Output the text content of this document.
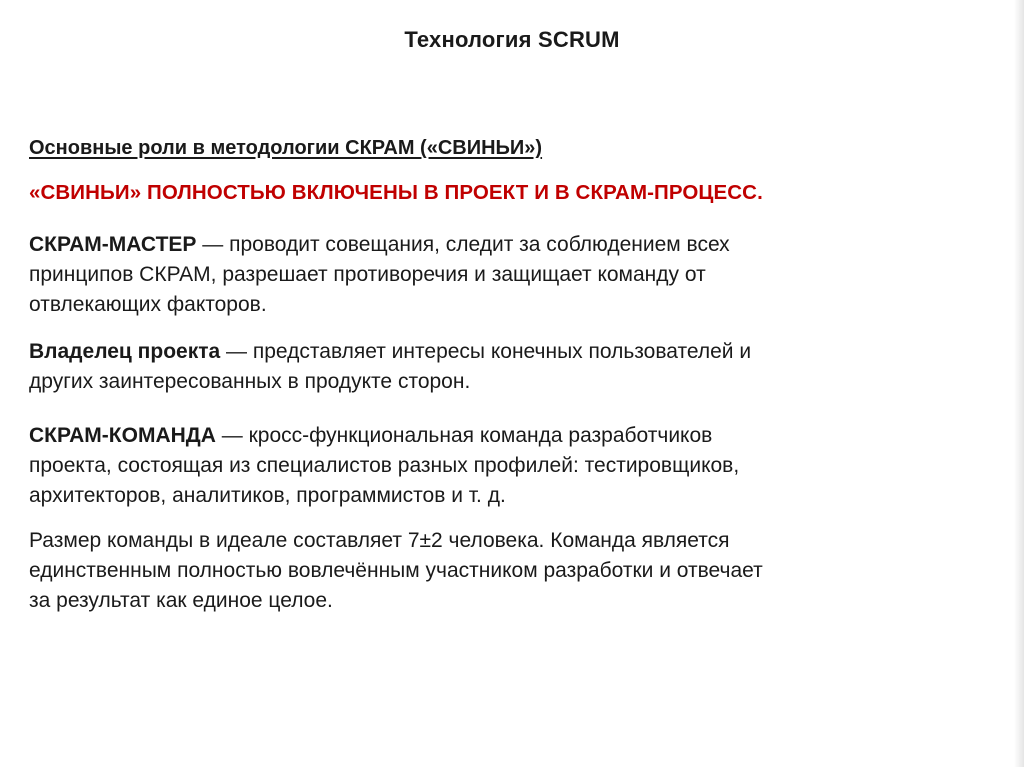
Технология SCRUM
Основные роли в методологии СКРАМ («СВИНЬИ»)
«СВИНЬИ» ПОЛНОСТЬЮ ВКЛЮЧЕНЫ В ПРОЕКТ И В СКРАМ-ПРОЦЕСС.
СКРАМ-МАСТЕР — проводит совещания, следит за соблюдением всех
принципов СКРАМ, разрешает противоречия и защищает команду от
отвлекающих факторов.
Владелец проекта — представляет интересы конечных пользователей и
других заинтересованных в продукте сторон.
СКРАМ-КОМАНДА — кросс-функциональная команда разработчиков
проекта, состоящая из специалистов разных профилей: тестировщиков,
архитекторов, аналитиков, программистов и т. д.
Размер команды в идеале составляет 7±2 человека. Команда является
единственным полностью вовлечённым участником разработки и отвечает
за результат как единое целое.
